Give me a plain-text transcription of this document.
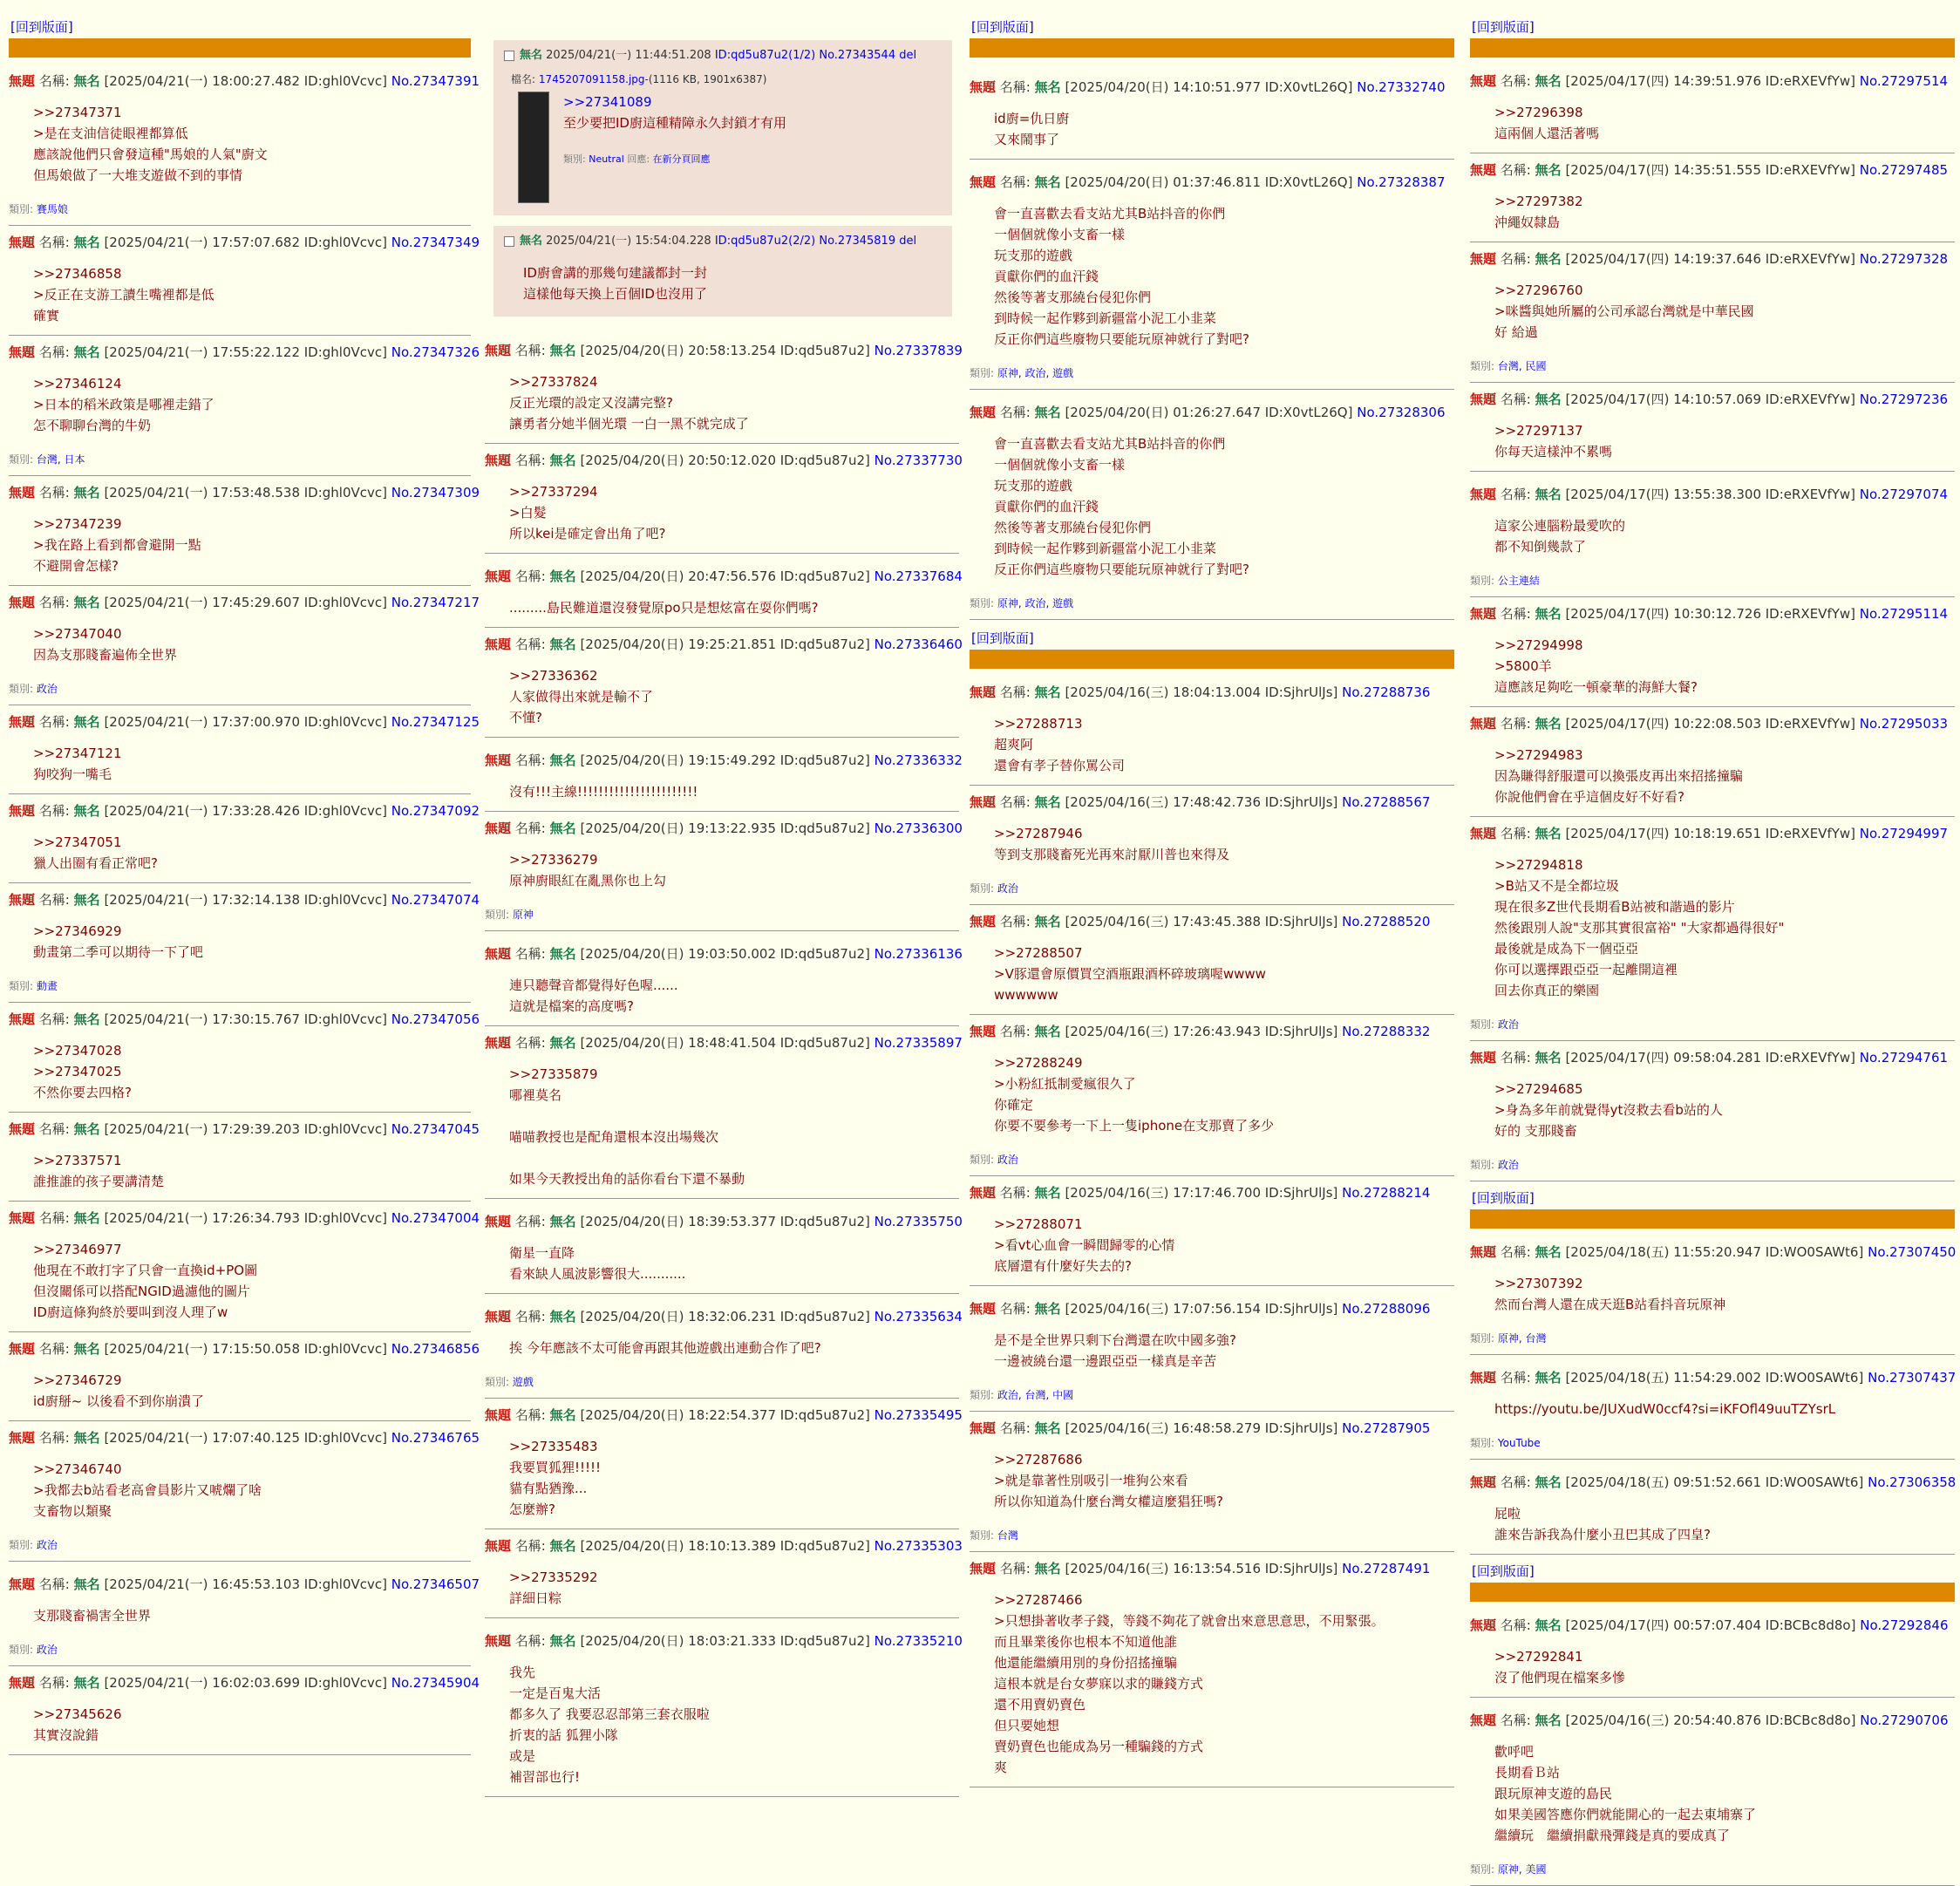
[回到版面]
無題 名稱: 無名 [2025/04/21(一) 18:00:27.482 ID:ghl0Vcvc] No.27347391
>>27347371
>是在支油信徒眼裡都算低
應該說他們只會發這種"馬娘的人氣"廚文
但馬娘做了一大堆支遊做不到的事情
類別: 賽馬娘
無題 名稱: 無名 [2025/04/21(一) 17:57:07.682 ID:ghl0Vcvc] No.27347349
>>27346858
>反正在支游工讀生嘴裡都是低
確實
無題 名稱: 無名 [2025/04/21(一) 17:55:22.122 ID:ghl0Vcvc] No.27347326
>>27346124
>日本的稻米政策是哪裡走錯了
怎不聊聊台灣的牛奶
類別: 台灣, 日本
無題 名稱: 無名 [2025/04/21(一) 17:53:48.538 ID:ghl0Vcvc] No.27347309
>>27347239
>我在路上看到都會避開一點
不避開會怎樣?
無題 名稱: 無名 [2025/04/21(一) 17:45:29.607 ID:ghl0Vcvc] No.27347217
>>27347040
因為支那賤畜遍佈全世界
類別: 政治
無題 名稱: 無名 [2025/04/21(一) 17:37:00.970 ID:ghl0Vcvc] No.27347125
>>27347121
狗咬狗一嘴毛
無題 名稱: 無名 [2025/04/21(一) 17:33:28.426 ID:ghl0Vcvc] No.27347092
>>27347051
獵人出圈有看正常吧?
無題 名稱: 無名 [2025/04/21(一) 17:32:14.138 ID:ghl0Vcvc] No.27347074
>>27346929
動畫第二季可以期待一下了吧
類別: 動畫
無題 名稱: 無名 [2025/04/21(一) 17:30:15.767 ID:ghl0Vcvc] No.27347056
>>27347028
>>27347025
不然你要去四格?
無題 名稱: 無名 [2025/04/21(一) 17:29:39.203 ID:ghl0Vcvc] No.27347045
>>27337571
誰推誰的孩子要講清楚
無題 名稱: 無名 [2025/04/21(一) 17:26:34.793 ID:ghl0Vcvc] No.27347004
>>27346977
他現在不敢打字了只會一直換id+PO圖
但沒關係可以搭配NGID過濾他的圖片
ID廚這條狗終於要叫到沒人理了w
無題 名稱: 無名 [2025/04/21(一) 17:15:50.058 ID:ghl0Vcvc] No.27346856
>>27346729
id廚掰~ 以後看不到你崩潰了
無題 名稱: 無名 [2025/04/21(一) 17:07:40.125 ID:ghl0Vcvc] No.27346765
>>27346740
>我都去b站看老高會員影片又唬爛了啥
支畜物以類聚
類別: 政治
無題 名稱: 無名 [2025/04/21(一) 16:45:53.103 ID:ghl0Vcvc] No.27346507
支那賤畜禍害全世界
類別: 政治
無題 名稱: 無名 [2025/04/21(一) 16:02:03.699 ID:ghl0Vcvc] No.27345904
>>27345626
其實沒說錯
無名 2025/04/21(一) 11:44:51.208 ID:qd5u87u2(1/2) No.27343544 del
檔名: 1745207091158.jpg-(1116 KB, 1901x6387)
>>27341089
至少要把ID廚這種精障永久封鎖才有用
類別: Neutral 回應: 在新分頁回應
無名 2025/04/21(一) 15:54:04.228 ID:qd5u87u2(2/2) No.27345819 del
ID廚會講的那幾句建議都封一封
這樣他每天換上百個ID也沒用了
無題 名稱: 無名 [2025/04/20(日) 20:58:13.254 ID:qd5u87u2] No.27337839
>>27337824
反正光環的設定又沒講完整?
讓勇者分她半個光環 一白一黑不就完成了
無題 名稱: 無名 [2025/04/20(日) 20:50:12.020 ID:qd5u87u2] No.27337730
>>27337294
>白髮
所以kei是確定會出角了吧?
無題 名稱: 無名 [2025/04/20(日) 20:47:56.576 ID:qd5u87u2] No.27337684
.........島民難道還沒發覺原po只是想炫富在耍你們嗎?
無題 名稱: 無名 [2025/04/20(日) 19:25:21.851 ID:qd5u87u2] No.27336460
>>27336362
人家做得出來就是輸不了
不懂?
無題 名稱: 無名 [2025/04/20(日) 19:15:49.292 ID:qd5u87u2] No.27336332
沒有!!!主線!!!!!!!!!!!!!!!!!!!!!!!
無題 名稱: 無名 [2025/04/20(日) 19:13:22.935 ID:qd5u87u2] No.27336300
>>27336279
原神廚眼紅在亂黑你也上勾
類別: 原神
無題 名稱: 無名 [2025/04/20(日) 19:03:50.002 ID:qd5u87u2] No.27336136
連只聽聲音都覺得好色喔......
這就是檔案的高度嗎?
無題 名稱: 無名 [2025/04/20(日) 18:48:41.504 ID:qd5u87u2] No.27335897
>>27335879
哪裡莫名

喵喵教授也是配角還根本沒出場幾次

如果今天教授出角的話你看台下還不暴動
無題 名稱: 無名 [2025/04/20(日) 18:39:53.377 ID:qd5u87u2] No.27335750
衛星一直降
看來缺人風波影響很大...........
無題 名稱: 無名 [2025/04/20(日) 18:32:06.231 ID:qd5u87u2] No.27335634
挨 今年應該不太可能會再跟其他遊戲出連動合作了吧?
類別: 遊戲
無題 名稱: 無名 [2025/04/20(日) 18:22:54.377 ID:qd5u87u2] No.27335495
>>27335483
我要買狐狸!!!!!
貓有點猶豫...
怎麼辦?
無題 名稱: 無名 [2025/04/20(日) 18:10:13.389 ID:qd5u87u2] No.27335303
>>27335292
詳細日粽
無題 名稱: 無名 [2025/04/20(日) 18:03:21.333 ID:qd5u87u2] No.27335210
我先
一定是百鬼大活
都多久了 我要忍忍部第三套衣服啦
折衷的話 狐狸小隊
或是
補習部也行!
[回到版面]
無題 名稱: 無名 [2025/04/20(日) 14:10:51.977 ID:X0vtL26Q] No.27332740
id廚=仇日廚
又來鬧事了
無題 名稱: 無名 [2025/04/20(日) 01:37:46.811 ID:X0vtL26Q] No.27328387
會一直喜歡去看支站尤其B站抖音的你們
一個個就像小支畜一樣
玩支那的遊戲
貢獻你們的血汗錢
然後等著支那繞台侵犯你們
到時候一起作夥到新疆當小泥工小韭菜
反正你們這些廢物只要能玩原神就行了對吧?
類別: 原神, 政治, 遊戲
無題 名稱: 無名 [2025/04/20(日) 01:26:27.647 ID:X0vtL26Q] No.27328306
會一直喜歡去看支站尤其B站抖音的你們
一個個就像小支畜一樣
玩支那的遊戲
貢獻你們的血汗錢
然後等著支那繞台侵犯你們
到時候一起作夥到新疆當小泥工小韭菜
反正你們這些廢物只要能玩原神就行了對吧?
類別: 原神, 政治, 遊戲
[回到版面]
無題 名稱: 無名 [2025/04/16(三) 18:04:13.004 ID:SjhrUlJs] No.27288736
>>27288713
超爽阿
還會有孝子替你罵公司
無題 名稱: 無名 [2025/04/16(三) 17:48:42.736 ID:SjhrUlJs] No.27288567
>>27287946
等到支那賤畜死光再來討厭川普也來得及
類別: 政治
無題 名稱: 無名 [2025/04/16(三) 17:43:45.388 ID:SjhrUlJs] No.27288520
>>27288507
>V豚還會原價買空酒瓶跟酒杯碎玻璃喔wwww
wwwwww
無題 名稱: 無名 [2025/04/16(三) 17:26:43.943 ID:SjhrUlJs] No.27288332
>>27288249
>小粉紅抵制愛瘋很久了
你確定
你要不要參考一下上一隻iphone在支那賣了多少
類別: 政治
無題 名稱: 無名 [2025/04/16(三) 17:17:46.700 ID:SjhrUlJs] No.27288214
>>27288071
>看vt心血會一瞬間歸零的心情
底層還有什麼好失去的?
無題 名稱: 無名 [2025/04/16(三) 17:07:56.154 ID:SjhrUlJs] No.27288096
是不是全世界只剩下台灣還在吹中國多強?
一邊被繞台還一邊跟亞亞一樣真是辛苦
類別: 政治, 台灣, 中國
無題 名稱: 無名 [2025/04/16(三) 16:48:58.279 ID:SjhrUlJs] No.27287905
>>27287686
>就是靠著性別吸引一堆狗公來看
所以你知道為什麼台灣女權這麼猖狂嗎?
類別: 台灣
無題 名稱: 無名 [2025/04/16(三) 16:13:54.516 ID:SjhrUlJs] No.27287491
>>27287466
>只想掛著收孝子錢，等錢不夠花了就會出來意思意思，不用緊張。
而且畢業後你也根本不知道他誰
他還能繼續用別的身份招搖撞騙
這根本就是台女夢寐以求的賺錢方式
還不用賣奶賣色
但只要她想
賣奶賣色也能成為另一種騙錢的方式
爽
[回到版面]
無題 名稱: 無名 [2025/04/17(四) 14:39:51.976 ID:eRXEVfYw] No.27297514
>>27296398
這兩個人還活著嗎
無題 名稱: 無名 [2025/04/17(四) 14:35:51.555 ID:eRXEVfYw] No.27297485
>>27297382
沖繩奴隸島
無題 名稱: 無名 [2025/04/17(四) 14:19:37.646 ID:eRXEVfYw] No.27297328
>>27296760
>咪醬與她所屬的公司承認台灣就是中華民國
好 給過
類別: 台灣, 民國
無題 名稱: 無名 [2025/04/17(四) 14:10:57.069 ID:eRXEVfYw] No.27297236
>>27297137
你每天這樣沖不累嗎
無題 名稱: 無名 [2025/04/17(四) 13:55:38.300 ID:eRXEVfYw] No.27297074
這家公連腦粉最愛吹的
都不知倒幾款了
類別: 公主連結
無題 名稱: 無名 [2025/04/17(四) 10:30:12.726 ID:eRXEVfYw] No.27295114
>>27294998
>5800羊
這應該足夠吃一頓豪華的海鮮大餐?
無題 名稱: 無名 [2025/04/17(四) 10:22:08.503 ID:eRXEVfYw] No.27295033
>>27294983
因為賺得舒服還可以換張皮再出來招搖撞騙
你說他們會在乎這個皮好不好看?
無題 名稱: 無名 [2025/04/17(四) 10:18:19.651 ID:eRXEVfYw] No.27294997
>>27294818
>B站又不是全都垃圾
現在很多Z世代長期看B站被和諧過的影片
然後跟別人說"支那其實很富裕" "大家都過得很好"
最後就是成為下一個亞亞
你可以選擇跟亞亞一起離開這裡
回去你真正的樂園
類別: 政治
無題 名稱: 無名 [2025/04/17(四) 09:58:04.281 ID:eRXEVfYw] No.27294761
>>27294685
>身為多年前就覺得yt沒救去看b站的人
好的 支那賤畜
類別: 政治
[回到版面]
無題 名稱: 無名 [2025/04/18(五) 11:55:20.947 ID:WO0SAWt6] No.27307450
>>27307392
然而台灣人還在成天逛B站看抖音玩原神
類別: 原神, 台灣
無題 名稱: 無名 [2025/04/18(五) 11:54:29.002 ID:WO0SAWt6] No.27307437
https://youtu.be/JUXudW0ccf4?si=iKFOfl49uuTZYsrL
類別: YouTube
無題 名稱: 無名 [2025/04/18(五) 09:51:52.661 ID:WO0SAWt6] No.27306358
屁啦
誰來告訴我為什麼小丑巴其成了四皇?
[回到版面]
無題 名稱: 無名 [2025/04/17(四) 00:57:07.404 ID:BCBc8d8o] No.27292846
>>27292841
沒了他們現在檔案多慘
無題 名稱: 無名 [2025/04/16(三) 20:54:40.876 ID:BCBc8d8o] No.27290706
歡呼吧
長期看Ｂ站
跟玩原神支遊的島民
如果美國答應你們就能開心的一起去東埔寨了
繼續玩　繼續捐獻飛彈錢是真的要成真了
類別: 原神, 美國
